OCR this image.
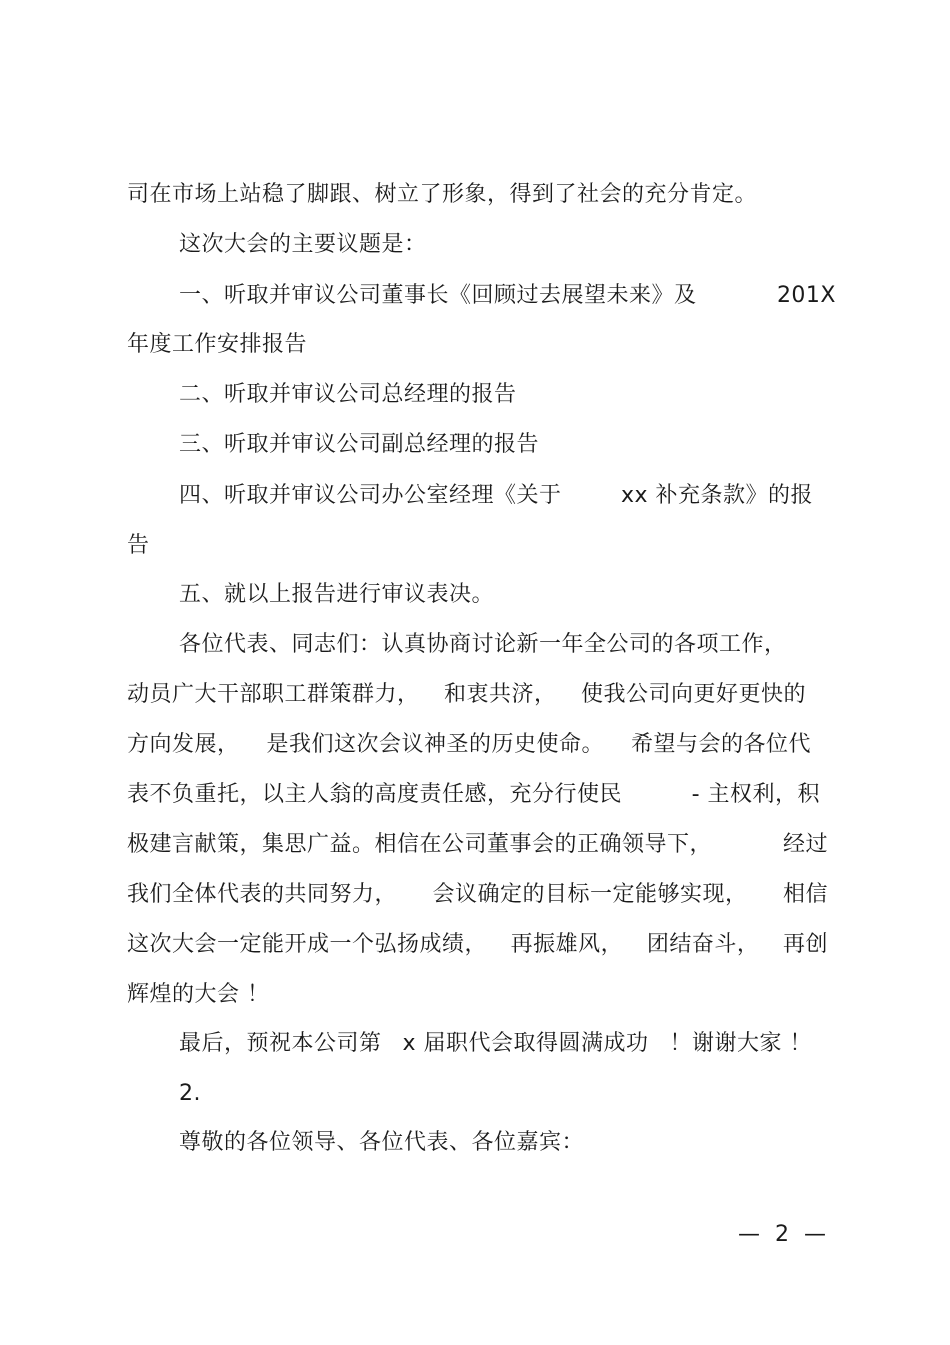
司在市场上站稳了脚跟、树立了形象，得到了社会的充分肯定。
这次大会的主要议题是：
一、听取并审议公司董事长《回顾过去展望未来》及	201X
年度工作安排报告
二、听取并审议公司总经理的报告
三、听取并审议公司副总经理的报告
四、听取并审议公司办公室经理《关于	xx 补充条款》的报
告
五、就以上报告进行审议表决。
各位代表、同志们：认真协商讨论新一年全公司的各项工作，
动员广大干部职工群策群力， 和衷共济， 使我公司向更好更快的
方向发展， 是我们这次会议神圣的历史使命。 希望与会的各位代
表不负重托，以主人翁的高度责任感，充分行使民	- 主权利，积
极建言献策，集思广益。相信在公司董事会的正确领导下，	经过
我们全体代表的共同努力， 会议确定的目标一定能够实现， 相信
这次大会一定能开成一个弘扬成绩， 再振雄风， 团结奋斗， 再创
辉煌的大会 ！
最后，预祝本公司第 x 届职代会取得圆满成功 ！谢谢大家 ！
2.
尊敬的各位领导、各位代表、各位嘉宾：
— 2 —
